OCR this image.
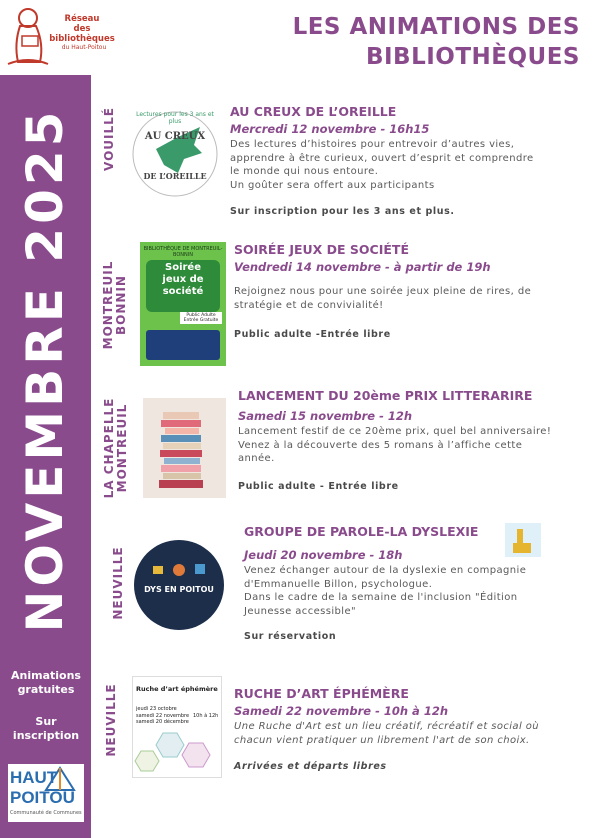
Réseau
des bibliothèques
du Haut-Poitou
LES ANIMATIONS DES
BIBLIOTHÈQUES
NOVEMBRE 2025
Animations
gratuites
Sur
inscription
HAUT
POITOU
Communauté de Communes
VOUILLÉ	Lectures pour les 3 ans et plus
AU CREUX
DE L’OREILLE
AU CREUX DE L’OREILLE
Mercredi 12 novembre - 16h15
Des lectures d’histoires pour entrevoir d’autres vies,
apprendre à être curieux, ouvert d’esprit et comprendre
le monde qui nous entoure.
Un goûter sera offert aux participants
Sur inscription pour les 3 ans et plus.
MONTREUIL BONNIN
BIBLIOTHÈQUE DE MONTREUIL-BONNIN
Soirée
jeux de
société
Public Adulte Entrée Gratuite
SOIRÉE JEUX DE SOCIÉTÉ
Vendredi 14 novembre - à partir de 19h
Rejoignez nous pour une soirée jeux pleine de rires, de
stratégie et de convivialité!
Public adulte -Entrée libre
LA CHAPELLE MONTREUIL
LANCEMENT DU 20ème PRIX LITTERARIRE
Samedi 15 novembre - 12h
Lancement festif de ce 20ème prix, quel bel anniversaire!
Venez à la découverte des 5 romans à l’affiche cette
année.
Public adulte - Entrée libre
NEUVILLE	DYS EN POITOU
GROUPE DE PAROLE-LA DYSLEXIE
Jeudi 20 novembre - 18h
Venez échanger autour de la dyslexie en compagnie
d'Emmanuelle Billon, psychologue.
Dans le cadre de la semaine de l'inclusion "Édition
Jeunesse accessible"
Sur réservation
NEUVILLE	Ruche d’art éphémère
jeudi 23 octobre
samedi 22 novembre
samedi 20 décembre
10h à 12h
RUCHE D’ART ÉPHÉMÈRE
Samedi 22 novembre - 10h à 12h
Une Ruche d'Art est un lieu créatif, récréatif et social où
chacun vient pratiquer un librement l'art de son choix.
Arrivées et départs libres
